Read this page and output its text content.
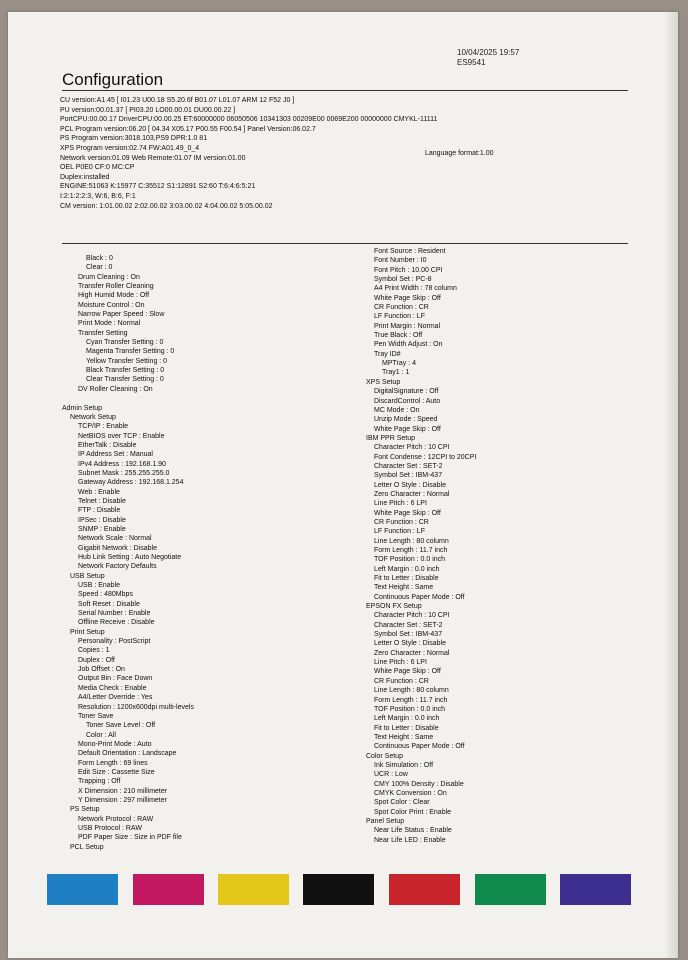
10/04/2025 19:57
ES9541
Configuration
CU version:A1.45 [ I01.23 U00.18 S5.20.6f B01.07 L01.07 ARM 12 F52 J0 ]
PU version:00.01.37 [ PI03.20 LO00.00.01 DU00.00.22 ]
PortCPU:00.00.17 DriverCPU:00.00.25 ET:60000000 06050506 10341303 00209E00 0069E200 00000000 CMYKL-11111
PCL Program version:06.20 [ 04.34 X05.17 P00.55 F00.54 ] Panel Version:06.02.7
PS Program version:3018.103,PS9 DPR:1.0 81
XPS Program version:02.74 FW:A01.49_0_4
Network version:01.09 Web Remote:01.07 IM version:01.00
OEL P0E0 CF:0 MC:CP
Duplex:installed
ENGINE:51063 K:15977 C:35512 S1:12891 S2:60 T:6:4:6:5:21
I:2:1:2:2:3, W:6, B:6, F:1
CM version: 1:01.00.02 2:02.00.02 3:03.00.02 4:04.00.02 5:05.00.02
Language format:1.00
Black : 0
Clear : 0
Drum Cleaning : On
Transfer Roller Cleaning
High Humid Mode : Off
Moisture Control : On
Narrow Paper Speed : Slow
Print Mode : Normal
Transfer Setting
Cyan Transfer Setting : 0
Magenta Transfer Setting : 0
Yellow Transfer Setting : 0
Black Transfer Setting : 0
Clear Transfer Setting : 0
DV Roller Cleaning : On
Admin Setup
Network Setup
TCP/IP : Enable
NetBIOS over TCP : Enable
EtherTalk : Disable
IP Address Set : Manual
IPv4 Address : 192.168.1.90
Subnet Mask : 255.255.255.0
Gateway Address : 192.168.1.254
Web : Enable
Telnet : Disable
FTP : Disable
IPSec : Disable
SNMP : Enable
Network Scale : Normal
Gigabit Network : Disable
Hub Link Setting : Auto Negotiate
Network Factory Defaults
USB Setup
USB : Enable
Speed : 480Mbps
Soft Reset : Disable
Serial Number : Enable
Offline Receive : Disable
Print Setup
Personality : PostScript
Copies : 1
Duplex : Off
Job Offset : On
Output Bin : Face Down
Media Check : Enable
A4/Letter Override : Yes
Resolution : 1200x600dpi multi-levels
Toner Save
Toner Save Level : Off
Color : All
Mono-Print Mode : Auto
Default Orientation : Landscape
Form Length : 69 lines
Edit Size : Cassette Size
Trapping : Off
X Dimension : 210 millimeter
Y Dimension : 297 millimeter
PS Setup
Network Protocol : RAW
USB Protocol : RAW
PDF Paper Size : Size in PDF file
PCL Setup
Font Source : Resident
Font Number : I0
Font Pitch : 10.00 CPI
Symbol Set : PC-8
A4 Print Width : 78 column
White Page Skip : Off
CR Function : CR
LF Function : LF
Print Margin : Normal
True Black : Off
Pen Width Adjust : On
Tray ID#
MPTray : 4
Tray1 : 1
XPS Setup
DigitalSignature : Off
DiscardControl : Auto
MC Mode : On
Unzip Mode : Speed
White Page Skip : Off
IBM PPR Setup
Character Pitch : 10 CPI
Font Condense : 12CPI to 20CPI
Character Set : SET-2
Symbol Set : IBM-437
Letter O Style : Disable
Zero Character : Normal
Line Pitch : 6 LPI
White Page Skip : Off
CR Function : CR
LF Function : LF
Line Length : 80 column
Form Length : 11.7 inch
TOF Position : 0.0 inch
Left Margin : 0.0 inch
Fit to Letter : Disable
Text Height : Same
Continuous Paper Mode : Off
EPSON FX Setup
Character Pitch : 10 CPI
Character Set : SET-2
Symbol Set : IBM-437
Letter O Style : Disable
Zero Character : Normal
Line Pitch : 6 LPI
White Page Skip : Off
CR Function : CR
Line Length : 80 column
Form Length : 11.7 inch
TOF Position : 0.0 inch
Left Margin : 0.0 inch
Fit to Letter : Disable
Text Height : Same
Continuous Paper Mode : Off
Color Setup
Ink Simulation : Off
UCR : Low
CMY 100% Density : Disable
CMYK Conversion : On
Spot Color : Clear
Spot Color Print : Enable
Panel Setup
Near Life Status : Enable
Near Life LED : Enable
